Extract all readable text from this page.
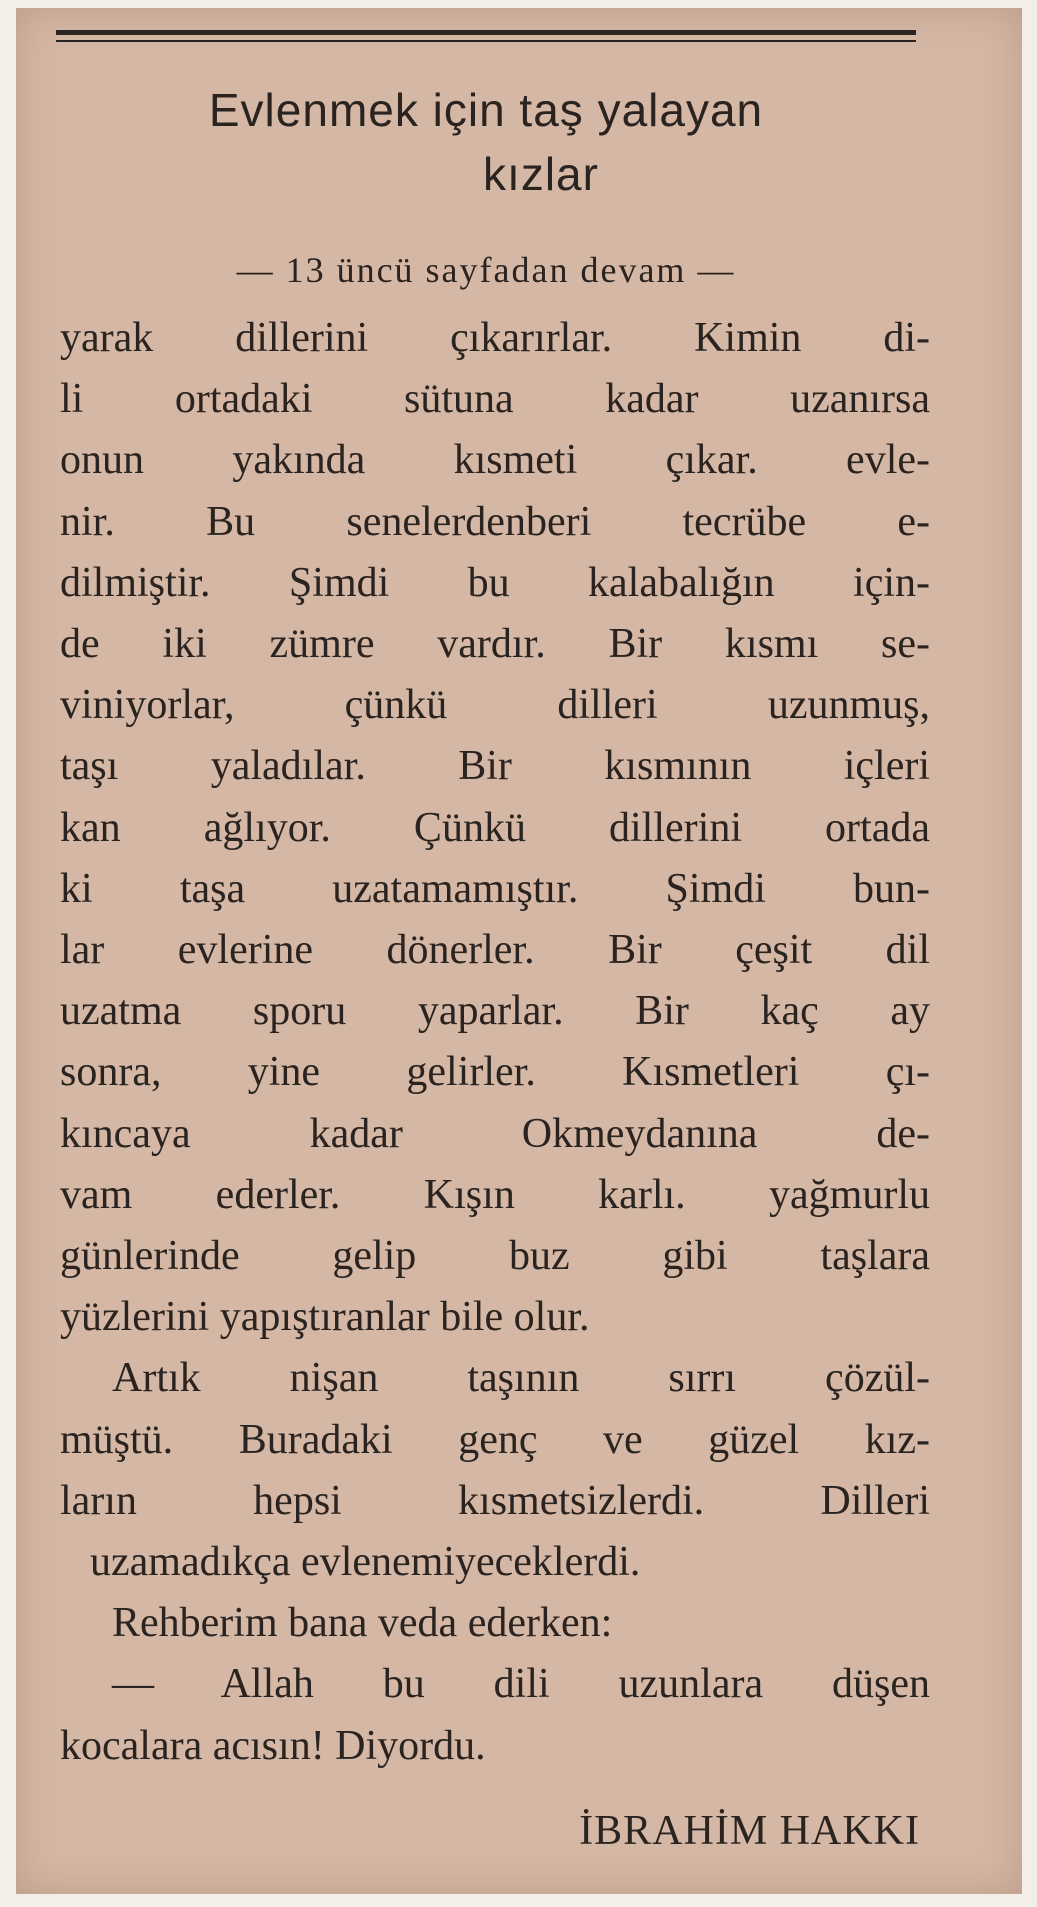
Evlenmek için taş yalayan
kızlar
— 13 üncü sayfadan devam —
yarak dillerini çıkarırlar. Kimin di-
li ortadaki sütuna kadar uzanırsa
onun yakında kısmeti çıkar. evle-
nir. Bu senelerdenberi tecrübe e-
dilmiştir. Şimdi bu kalabalığın için-
de iki zümre vardır. Bir kısmı se-
viniyorlar, çünkü dilleri uzunmuş,
taşı yaladılar. Bir kısmının içleri
kan ağlıyor. Çünkü dillerini ortada
ki taşa uzatamamıştır. Şimdi bun-
lar evlerine dönerler. Bir çeşit dil
uzatma sporu yaparlar. Bir kaç ay
sonra, yine gelirler. Kısmetleri çı-
kıncaya kadar Okmeydanına de-
vam ederler. Kışın karlı. yağmurlu
günlerinde gelip buz gibi taşlara
yüzlerini yapıştıranlar bile olur.
Artık nişan taşının sırrı çözül-
müştü. Buradaki genç ve güzel kız-
ların hepsi kısmetsizlerdi. Dilleri
uzamadıkça evlenemiyeceklerdi.
Rehberim bana veda ederken:
— Allah bu dili uzunlara düşen
kocalara acısın! Diyordu.
İBRAHİM HAKKI
